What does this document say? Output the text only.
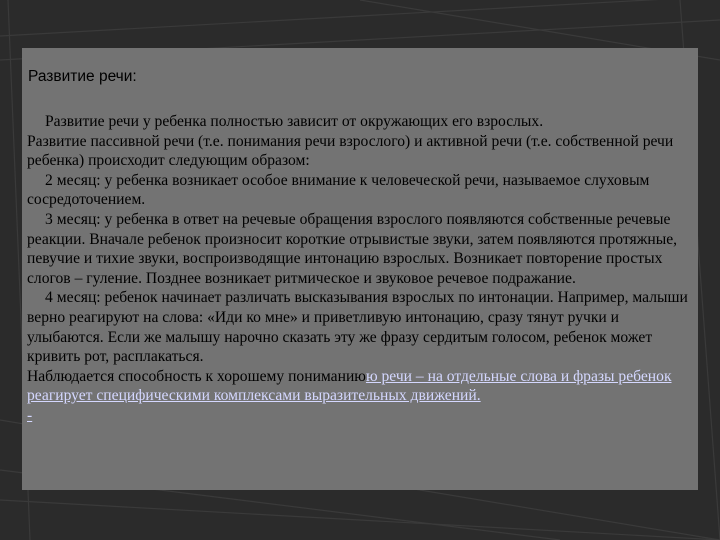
Развитие речи:

Развитие речи у ребенка полностью зависит от окружающих его взрослых.

Развитие пассивной речи (т.е. понимания речи взрослого) и активной речи (т.е. собственной речи ребенка) происходит следующим образом:

2 месяц: у ребенка возникает особое внимание к человеческой речи, называемое слуховым сосредоточением.

3 месяц: у ребенка в ответ на речевые обращения взрослого появляются собственные речевые реакции. Вначале ребенок произносит короткие отрывистые звуки, затем появляются протяжные, певучие и тихие звуки, воспроизводящие интонацию взрослых. Возникает повторение простых слогов – гуление. Позднее возникает ритмическое и звуковое речевое подражание.

4 месяц: ребенок начинает различать высказывания взрослых по интонации. Например, малыши верно реагируют на слова: «Иди ко мне» и приветливую интонацию, сразу тянут ручки и улыбаются. Если же малышу нарочно сказать эту же фразу сердитым голосом, ребенок может кривить рот, расплакаться.

Наблюдается способность к хорошему пониманиюю речи – на отдельные слова и фразы ребенок реагирует специфическими комплексами выразительных движений.

-
